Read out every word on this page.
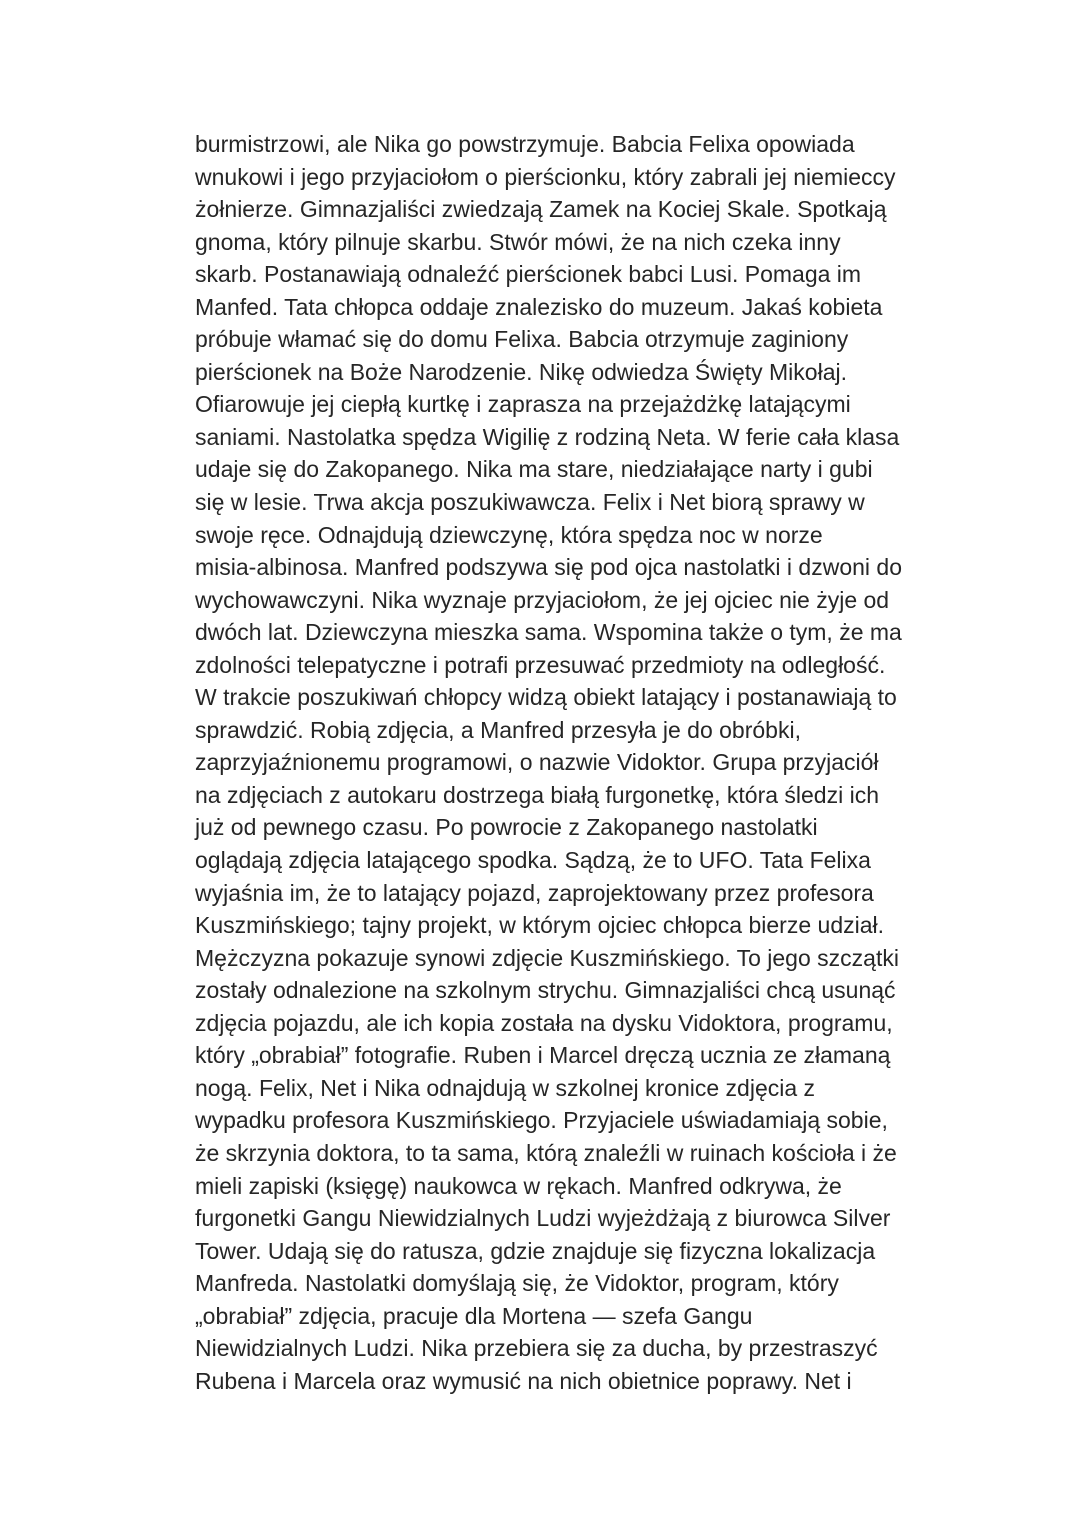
burmistrzowi, ale Nika go powstrzymuje. Babcia Felixa opowiada
wnukowi i jego przyjaciołom o pierścionku, który zabrali jej niemieccy
żołnierze. Gimnazjaliści zwiedzają Zamek na Kociej Skale. Spotkają
gnoma, który pilnuje skarbu. Stwór mówi, że na nich czeka inny
skarb. Postanawiają odnaleźć pierścionek babci Lusi. Pomaga im
Manfed. Tata chłopca oddaje znalezisko do muzeum. Jakaś kobieta
próbuje włamać się do domu Felixa. Babcia otrzymuje zaginiony
pierścionek na Boże Narodzenie. Nikę odwiedza Święty Mikołaj.
Ofiarowuje jej ciepłą kurtkę i zaprasza na przejażdżkę latającymi
saniami. Nastolatka spędza Wigilię z rodziną Neta. W ferie cała klasa
udaje się do Zakopanego. Nika ma stare, niedziałające narty i gubi
się w lesie. Trwa akcja poszukiwawcza. Felix i Net biorą sprawy w
swoje ręce. Odnajdują dziewczynę, która spędza noc w norze
misia-albinosa. Manfred podszywa się pod ojca nastolatki i dzwoni do
wychowawczyni. Nika wyznaje przyjaciołom, że jej ojciec nie żyje od
dwóch lat. Dziewczyna mieszka sama. Wspomina także o tym, że ma
zdolności telepatyczne i potrafi przesuwać przedmioty na odległość.
W trakcie poszukiwań chłopcy widzą obiekt latający i postanawiają to
sprawdzić. Robią zdjęcia, a Manfred przesyła je do obróbki,
zaprzyjaźnionemu programowi, o nazwie Vidoktor. Grupa przyjaciół
na zdjęciach z autokaru dostrzega białą furgonetkę, która śledzi ich
już od pewnego czasu. Po powrocie z Zakopanego nastolatki
oglądają zdjęcia latającego spodka. Sądzą, że to UFO. Tata Felixa
wyjaśnia im, że to latający pojazd, zaprojektowany przez profesora
Kuszmińskiego; tajny projekt, w którym ojciec chłopca bierze udział.
Mężczyzna pokazuje synowi zdjęcie Kuszmińskiego. To jego szczątki
zostały odnalezione na szkolnym strychu. Gimnazjaliści chcą usunąć
zdjęcia pojazdu, ale ich kopia została na dysku Vidoktora, programu,
który „obrabiał” fotografie. Ruben i Marcel dręczą ucznia ze złamaną
nogą. Felix, Net i Nika odnajdują w szkolnej kronice zdjęcia z
wypadku profesora Kuszmińskiego. Przyjaciele uświadamiają sobie,
że skrzynia doktora, to ta sama, którą znaleźli w ruinach kościoła i że
mieli zapiski (księgę) naukowca w rękach. Manfred odkrywa, że
furgonetki Gangu Niewidzialnych Ludzi wyjeżdżają z biurowca Silver
Tower. Udają się do ratusza, gdzie znajduje się fizyczna lokalizacja
Manfreda. Nastolatki domyślają się, że Vidoktor, program, który
„obrabiał” zdjęcia, pracuje dla Mortena — szefa Gangu
Niewidzialnych Ludzi. Nika przebiera się za ducha, by przestraszyć
Rubena i Marcela oraz wymusić na nich obietnice poprawy. Net i
